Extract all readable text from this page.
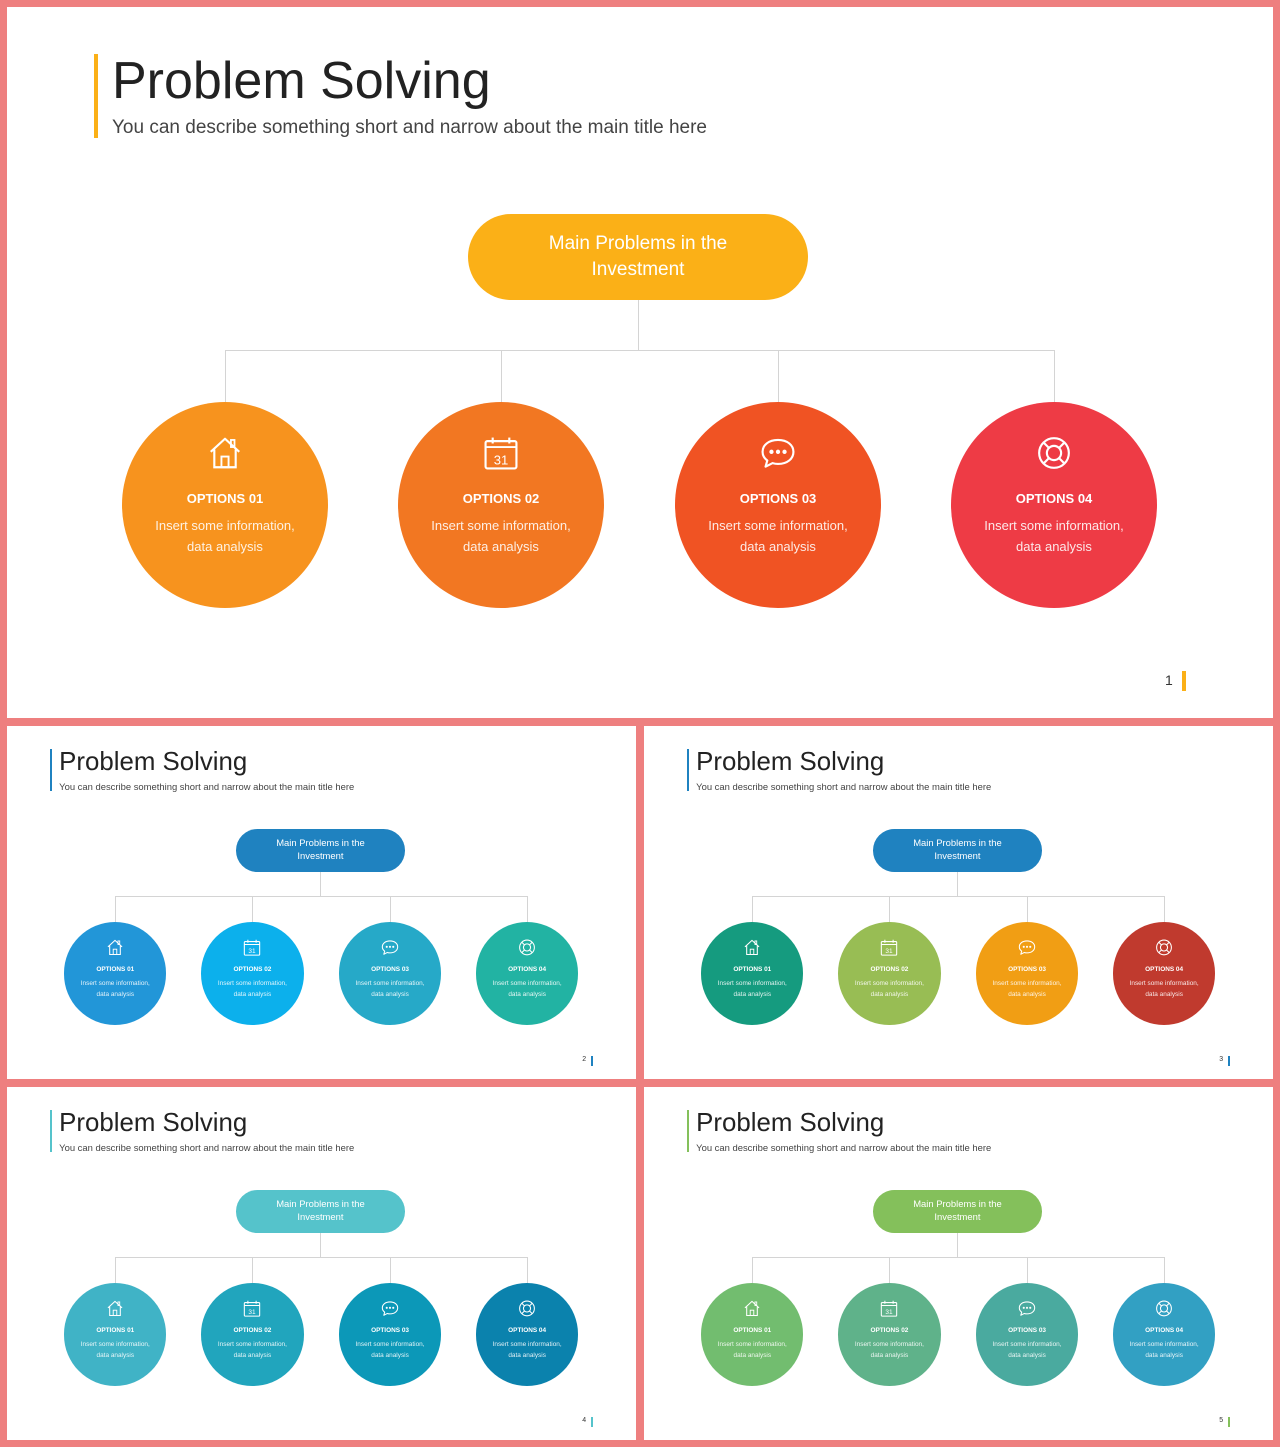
Problem Solving
You can describe something short and narrow about the main title here
Main Problems in the
Investment
OPTIONS 01
Insert some information,
data analysis
31
OPTIONS 02
Insert some information,
data analysis
OPTIONS 03
Insert some information,
data analysis
OPTIONS 04
Insert some information,
data analysis
1
Problem Solving
You can describe something short and narrow about the main title here
Main Problems in the
Investment
OPTIONS 01
Insert some information,
data analysis
31
OPTIONS 02
Insert some information,
data analysis
OPTIONS 03
Insert some information,
data analysis
OPTIONS 04
Insert some information,
data analysis
2
Problem Solving
You can describe something short and narrow about the main title here
Main Problems in the
Investment
OPTIONS 01
Insert some information,
data analysis
31
OPTIONS 02
Insert some information,
data analysis
OPTIONS 03
Insert some information,
data analysis
OPTIONS 04
Insert some information,
data analysis
3
Problem Solving
You can describe something short and narrow about the main title here
Main Problems in the
Investment
OPTIONS 01
Insert some information,
data analysis
31
OPTIONS 02
Insert some information,
data analysis
OPTIONS 03
Insert some information,
data analysis
OPTIONS 04
Insert some information,
data analysis
4
Problem Solving
You can describe something short and narrow about the main title here
Main Problems in the
Investment
OPTIONS 01
Insert some information,
data analysis
31
OPTIONS 02
Insert some information,
data analysis
OPTIONS 03
Insert some information,
data analysis
OPTIONS 04
Insert some information,
data analysis
5
